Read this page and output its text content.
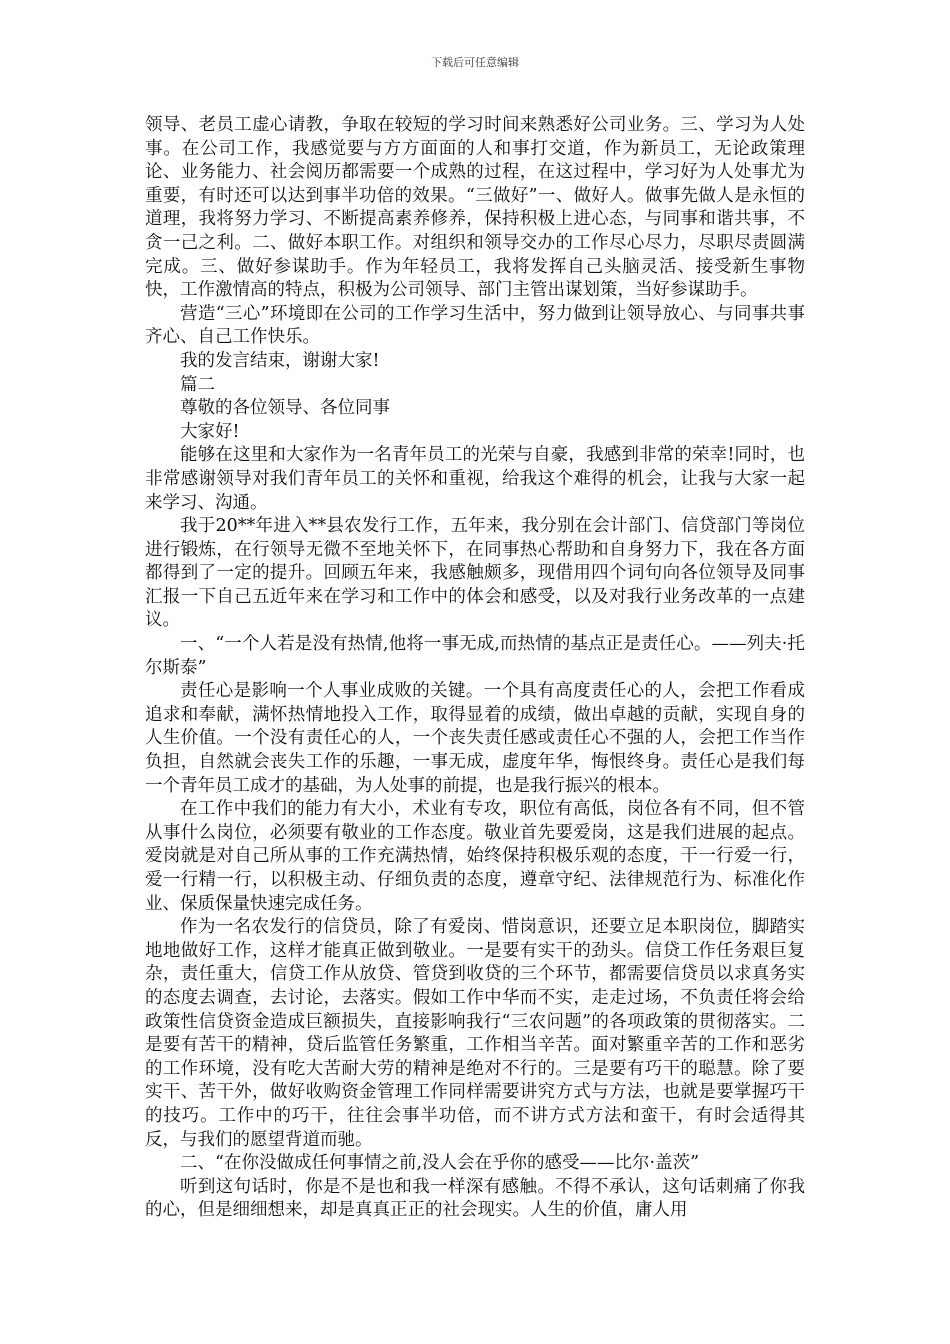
下载后可任意编辑

领导、老员工虚心请教，争取在较短的学习时间来熟悉好公司业务。三、学习为人处事。在公司工作，我感觉要与方方面面的人和事打交道，作为新员工，无论政策理论、业务能力、社会阅历都需要一个成熟的过程，在这过程中，学习好为人处事尤为重要，有时还可以达到事半功倍的效果。“三做好”一、做好人。做事先做人是永恒的道理，我将努力学习、不断提高素养修养，保持积极上进心态，与同事和谐共事，不贪一己之利。二、做好本职工作。对组织和领导交办的工作尽心尽力，尽职尽责圆满完成。三、做好参谋助手。作为年轻员工，我将发挥自己头脑灵活、接受新生事物快，工作激情高的特点，积极为公司领导、部门主管出谋划策，当好参谋助手。

营造“三心”环境即在公司的工作学习生活中，努力做到让领导放心、与同事共事齐心、自己工作快乐。

我的发言结束，谢谢大家!

篇二

尊敬的各位领导、各位同事

大家好!

能够在这里和大家作为一名青年员工的光荣与自豪，我感到非常的荣幸!同时，也非常感谢领导对我们青年员工的关怀和重视，给我这个难得的机会，让我与大家一起来学习、沟通。

我于20**年进入**县农发行工作，五年来，我分别在会计部门、信贷部门等岗位进行锻炼，在行领导无微不至地关怀下，在同事热心帮助和自身努力下，我在各方面都得到了一定的提升。回顾五年来，我感触颇多，现借用四个词句向各位领导及同事汇报一下自己五近年来在学习和工作中的体会和感受，以及对我行业务改革的一点建议。

一、“一个人若是没有热情,他将一事无成,而热情的基点正是责任心。——列夫·托尔斯泰”

责任心是影响一个人事业成败的关键。一个具有高度责任心的人，会把工作看成追求和奉献，满怀热情地投入工作，取得显着的成绩，做出卓越的贡献，实现自身的人生价值。一个没有责任心的人，一个丧失责任感或责任心不强的人，会把工作当作负担，自然就会丧失工作的乐趣，一事无成，虚度年华，悔恨终身。责任心是我们每一个青年员工成才的基础，为人处事的前提，也是我行振兴的根本。

在工作中我们的能力有大小，术业有专攻，职位有高低，岗位各有不同，但不管从事什么岗位，必须要有敬业的工作态度。敬业首先要爱岗，这是我们进展的起点。爱岗就是对自己所从事的工作充满热情，始终保持积极乐观的态度，干一行爱一行，爱一行精一行，以积极主动、仔细负责的态度，遵章守纪、法律规范行为、标准化作业、保质保量快速完成任务。

作为一名农发行的信贷员，除了有爱岗、惜岗意识，还要立足本职岗位，脚踏实地地做好工作，这样才能真正做到敬业。一是要有实干的劲头。信贷工作任务艰巨复杂，责任重大，信贷工作从放贷、管贷到收贷的三个环节，都需要信贷员以求真务实的态度去调查，去讨论，去落实。假如工作中华而不实，走走过场，不负责任将会给政策性信贷资金造成巨额损失，直接影响我行“三农问题”的各项政策的贯彻落实。二是要有苦干的精神，贷后监管任务繁重，工作相当辛苦。面对繁重辛苦的工作和恶劣的工作环境，没有吃大苦耐大劳的精神是绝对不行的。三是要有巧干的聪慧。除了要实干、苦干外，做好收购资金管理工作同样需要讲究方式与方法，也就是要掌握巧干的技巧。工作中的巧干，往往会事半功倍，而不讲方式方法和蛮干，有时会适得其反，与我们的愿望背道而驰。

二、“在你没做成任何事情之前,没人会在乎你的感受——比尔·盖茨”

听到这句话时，你是不是也和我一样深有感触。不得不承认，这句话刺痛了你我的心，但是细细想来，却是真真正正的社会现实。人生的价值，庸人用
